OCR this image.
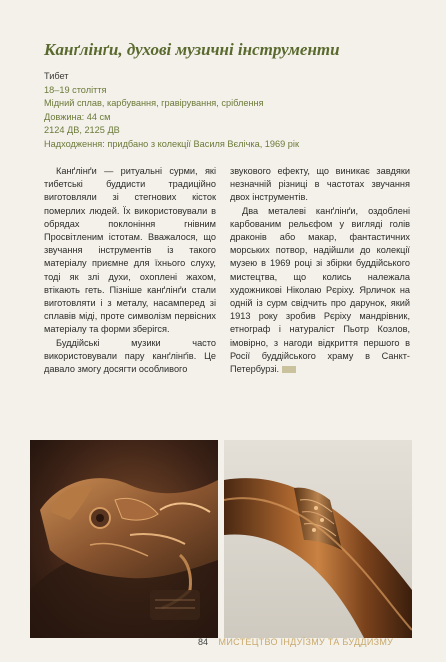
Канґлінґи, духові музичні інструменти
Тибет
18–19 століття
Мідний сплав, карбування, гравірування, сріблення
Довжина: 44 см
2124 ДВ, 2125 ДВ
Надходження: придбано з колекції Василя Вєлічка, 1969 рік

Канґлінґи — ритуальні сурми, які тибетські буддисти традиційно виготовляли зі стегнових кісток померлих людей. Їх використовували в обрядах поклоніння гнівним Просвітленим істотам. Вважалося, що звучання інструментів із такого матеріалу приємне для їхнього слуху, тоді як злі духи, охоплені жахом, втікають геть. Пізніше канґлінґи стали виготовляти і з металу, насамперед зі сплавів міді, проте символізм первісних матеріалу та форми зберігся.

Буддійські музики часто використовували пару канґлінґів. Це давало змогу досягти особливого

звукового ефекту, що виникає завдяки незначній різниці в частотах звучання двох інструментів.

Два металеві канґлінґи, оздоблені карбованим рельєфом у вигляді голів драконів або макар, фантастичних морських потвор, надійшли до колекції музею в 1969 році зі збірки буддійського мистецтва, що колись належала художникові Ніколаю Рєріху. Ярличок на одній із сурм свідчить про дарунок, який 1913 року зробив Рєріху мандрівник, етнограф і натураліст Пьотр Козлов, імовірно, з нагоди відкриття першого в Росії буддійського храму в Санкт-Петербурзі.

84 МИСТЕЦТВО ІНДУЇЗМУ ТА БУДДИЗМУ
